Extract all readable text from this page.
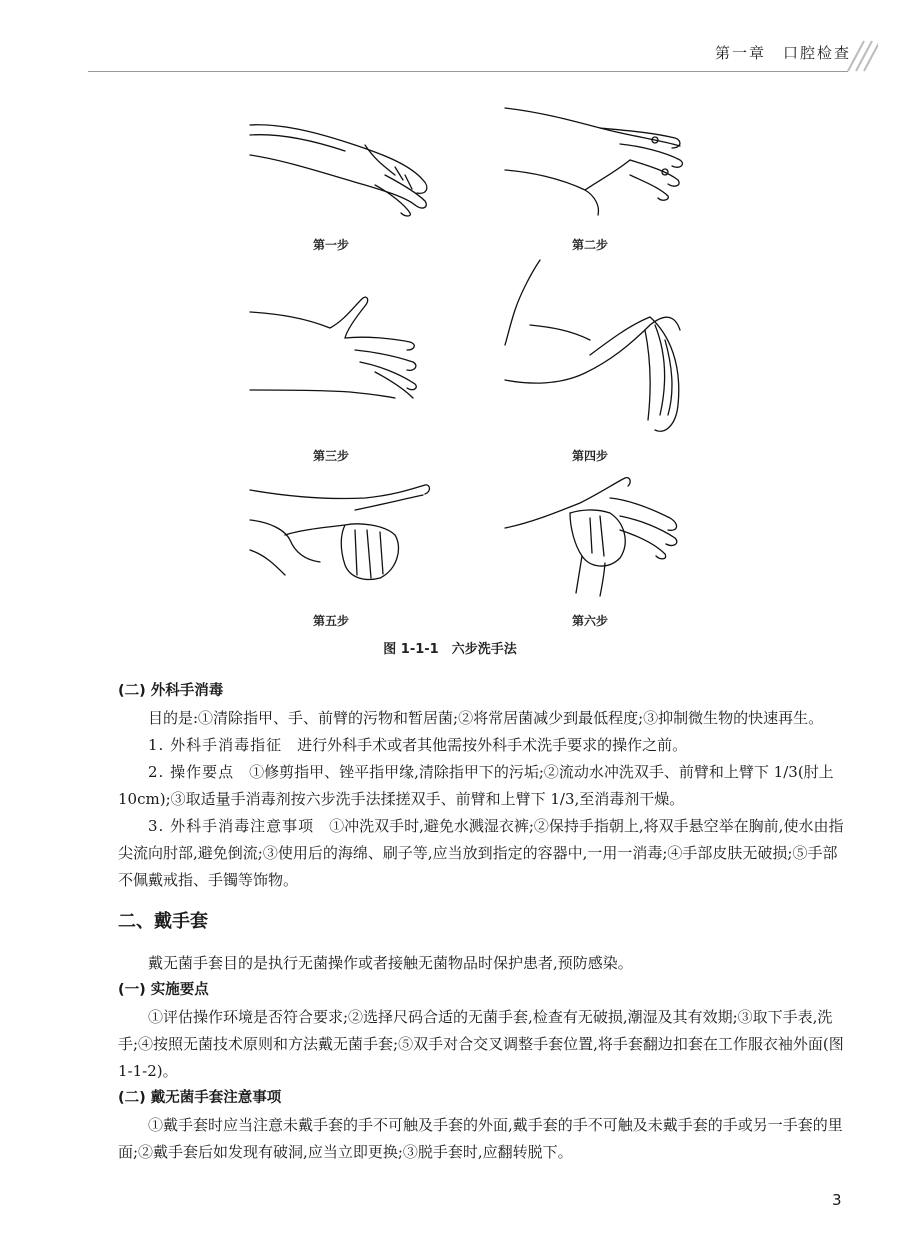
第一章　口腔检查
第一步	第二步
第三步	第四步
第五步	第六步
图 1-1-1　六步洗手法

(二) 外科手消毒

目的是:①清除指甲、手、前臂的污物和暂居菌;②将常居菌减少到最低程度;③抑制微生物的快速再生。

1. 外科手消毒指征 进行外科手术或者其他需按外科手术洗手要求的操作之前。

2. 操作要点 ①修剪指甲、锉平指甲缘,清除指甲下的污垢;②流动水冲洗双手、前臂和上臂下 1/3(肘上 10cm);③取适量手消毒剂按六步洗手法揉搓双手、前臂和上臂下 1/3,至消毒剂干燥。

3. 外科手消毒注意事项 ①冲洗双手时,避免水溅湿衣裤;②保持手指朝上,将双手悬空举在胸前,使水由指尖流向肘部,避免倒流;③使用后的海绵、刷子等,应当放到指定的容器中,一用一消毒;④手部皮肤无破损;⑤手部不佩戴戒指、手镯等饰物。

二、戴手套

戴无菌手套目的是执行无菌操作或者接触无菌物品时保护患者,预防感染。

(一) 实施要点

①评估操作环境是否符合要求;②选择尺码合适的无菌手套,检查有无破损,潮湿及其有效期;③取下手表,洗手;④按照无菌技术原则和方法戴无菌手套;⑤双手对合交叉调整手套位置,将手套翻边扣套在工作服衣袖外面(图 1-1-2)。

(二) 戴无菌手套注意事项

①戴手套时应当注意未戴手套的手不可触及手套的外面,戴手套的手不可触及未戴手套的手或另一手套的里面;②戴手套后如发现有破洞,应当立即更换;③脱手套时,应翻转脱下。

3
